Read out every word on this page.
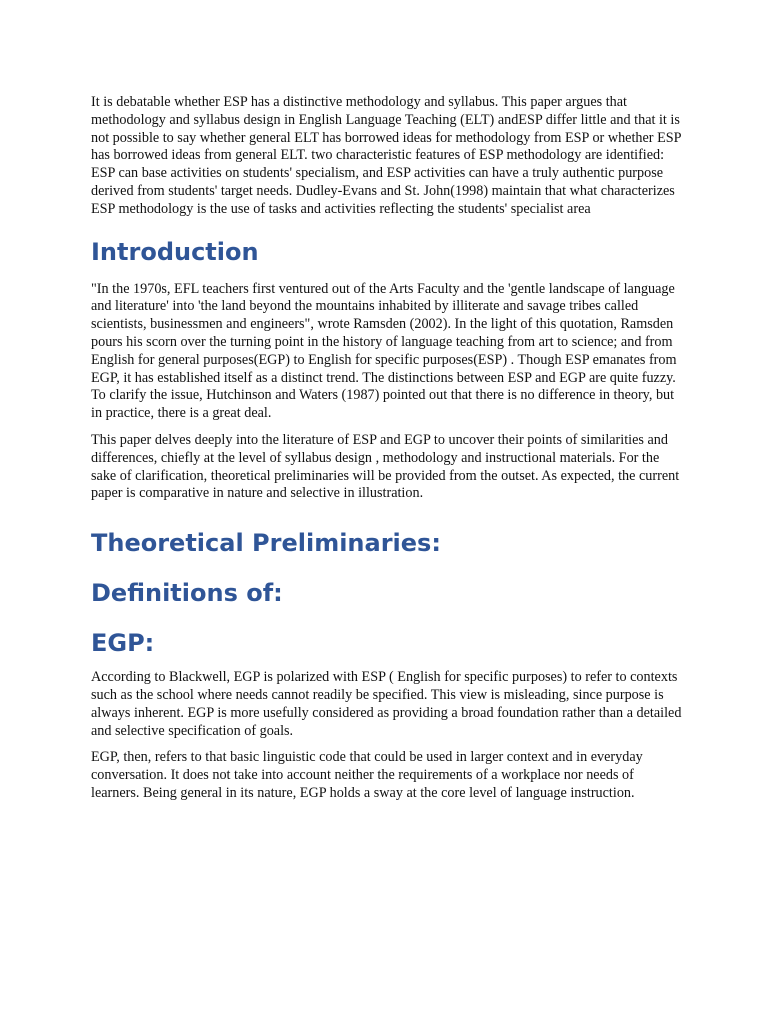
It is debatable whether ESP has a distinctive methodology and syllabus. This paper argues that methodology and syllabus design in English Language Teaching (ELT) andESP differ little and that it is not possible to say whether general ELT has borrowed ideas for methodology from ESP or whether ESP has borrowed ideas from general ELT. two characteristic features of ESP methodology are identified: ESP can base activities on students' specialism, and ESP activities can have a truly authentic purpose derived from students' target needs. Dudley-Evans and St. John(1998) maintain that what characterizes ESP methodology is the use of tasks and activities reflecting the students' specialist area

Introduction

"In the 1970s, EFL teachers first ventured out of the Arts Faculty and the 'gentle landscape of language and literature' into 'the land beyond the mountains inhabited by illiterate and savage tribes called scientists, businessmen and engineers", wrote Ramsden (2002). In the light of this quotation, Ramsden pours his scorn over the turning point in the history of language teaching from art to science; and from English for general purposes(EGP) to English for specific purposes(ESP) . Though ESP emanates from EGP, it has established itself as a distinct trend. The distinctions between ESP and EGP are quite fuzzy. To clarify the issue, Hutchinson and Waters (1987) pointed out that there is no difference in theory, but in practice, there is a great deal.

This paper delves deeply into the literature of ESP and EGP to uncover their points of similarities and differences, chiefly at the level of syllabus design , methodology and instructional materials. For the sake of clarification, theoretical preliminaries will be provided from the outset. As expected, the current paper is comparative in nature and selective in illustration.

Theoretical Preliminaries:
Definitions of:
EGP:

According to Blackwell, EGP is polarized with ESP ( English for specific purposes) to refer to contexts such as the school where needs cannot readily be specified. This view is misleading, since purpose is always inherent. EGP is more usefully considered as providing a broad foundation rather than a detailed and selective specification of goals.

EGP, then, refers to that basic linguistic code that could be used in larger context and in everyday conversation. It does not take into account neither the requirements of a workplace nor needs of learners. Being general in its nature, EGP holds a sway at the core level of language instruction.
